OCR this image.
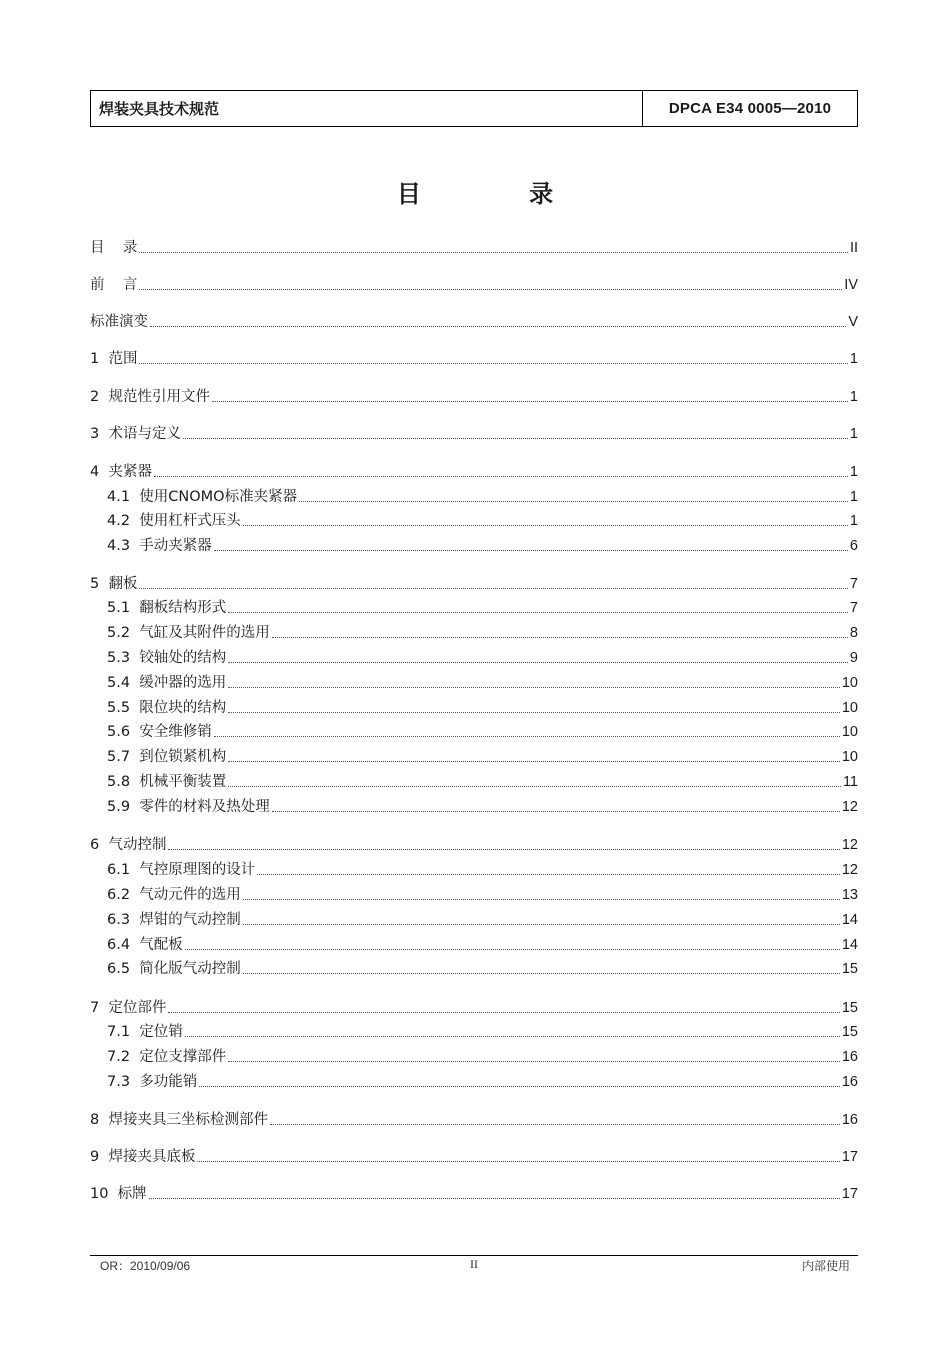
焊装夹具技术规范	DPCA E34 0005—2010
目 录
目    录	II
前    言	IV
标准演变	V
1  范围	1
2  规范性引用文件	1
3  术语与定义	1
4  夹紧器	1
4.1  使用CNOMO标准夹紧器	1
4.2  使用杠杆式压头	1
4.3  手动夹紧器	6
5  翻板	7
5.1  翻板结构形式	7
5.2  气缸及其附件的选用	8
5.3  铰轴处的结构	9
5.4  缓冲器的选用	10
5.5  限位块的结构	10
5.6  安全维修销	10
5.7  到位锁紧机构	10
5.8  机械平衡装置	11
5.9  零件的材料及热处理	12
6  气动控制	12
6.1  气控原理图的设计	12
6.2  气动元件的选用	13
6.3  焊钳的气动控制	14
6.4  气配板	14
6.5  简化版气动控制	15
7  定位部件	15
7.1  定位销	15
7.2  定位支撑部件	16
7.3  多功能销	16
8  焊接夹具三坐标检测部件	16
9  焊接夹具底板	17
10  标牌	17
OR：2010/09/06	II	内部使用
